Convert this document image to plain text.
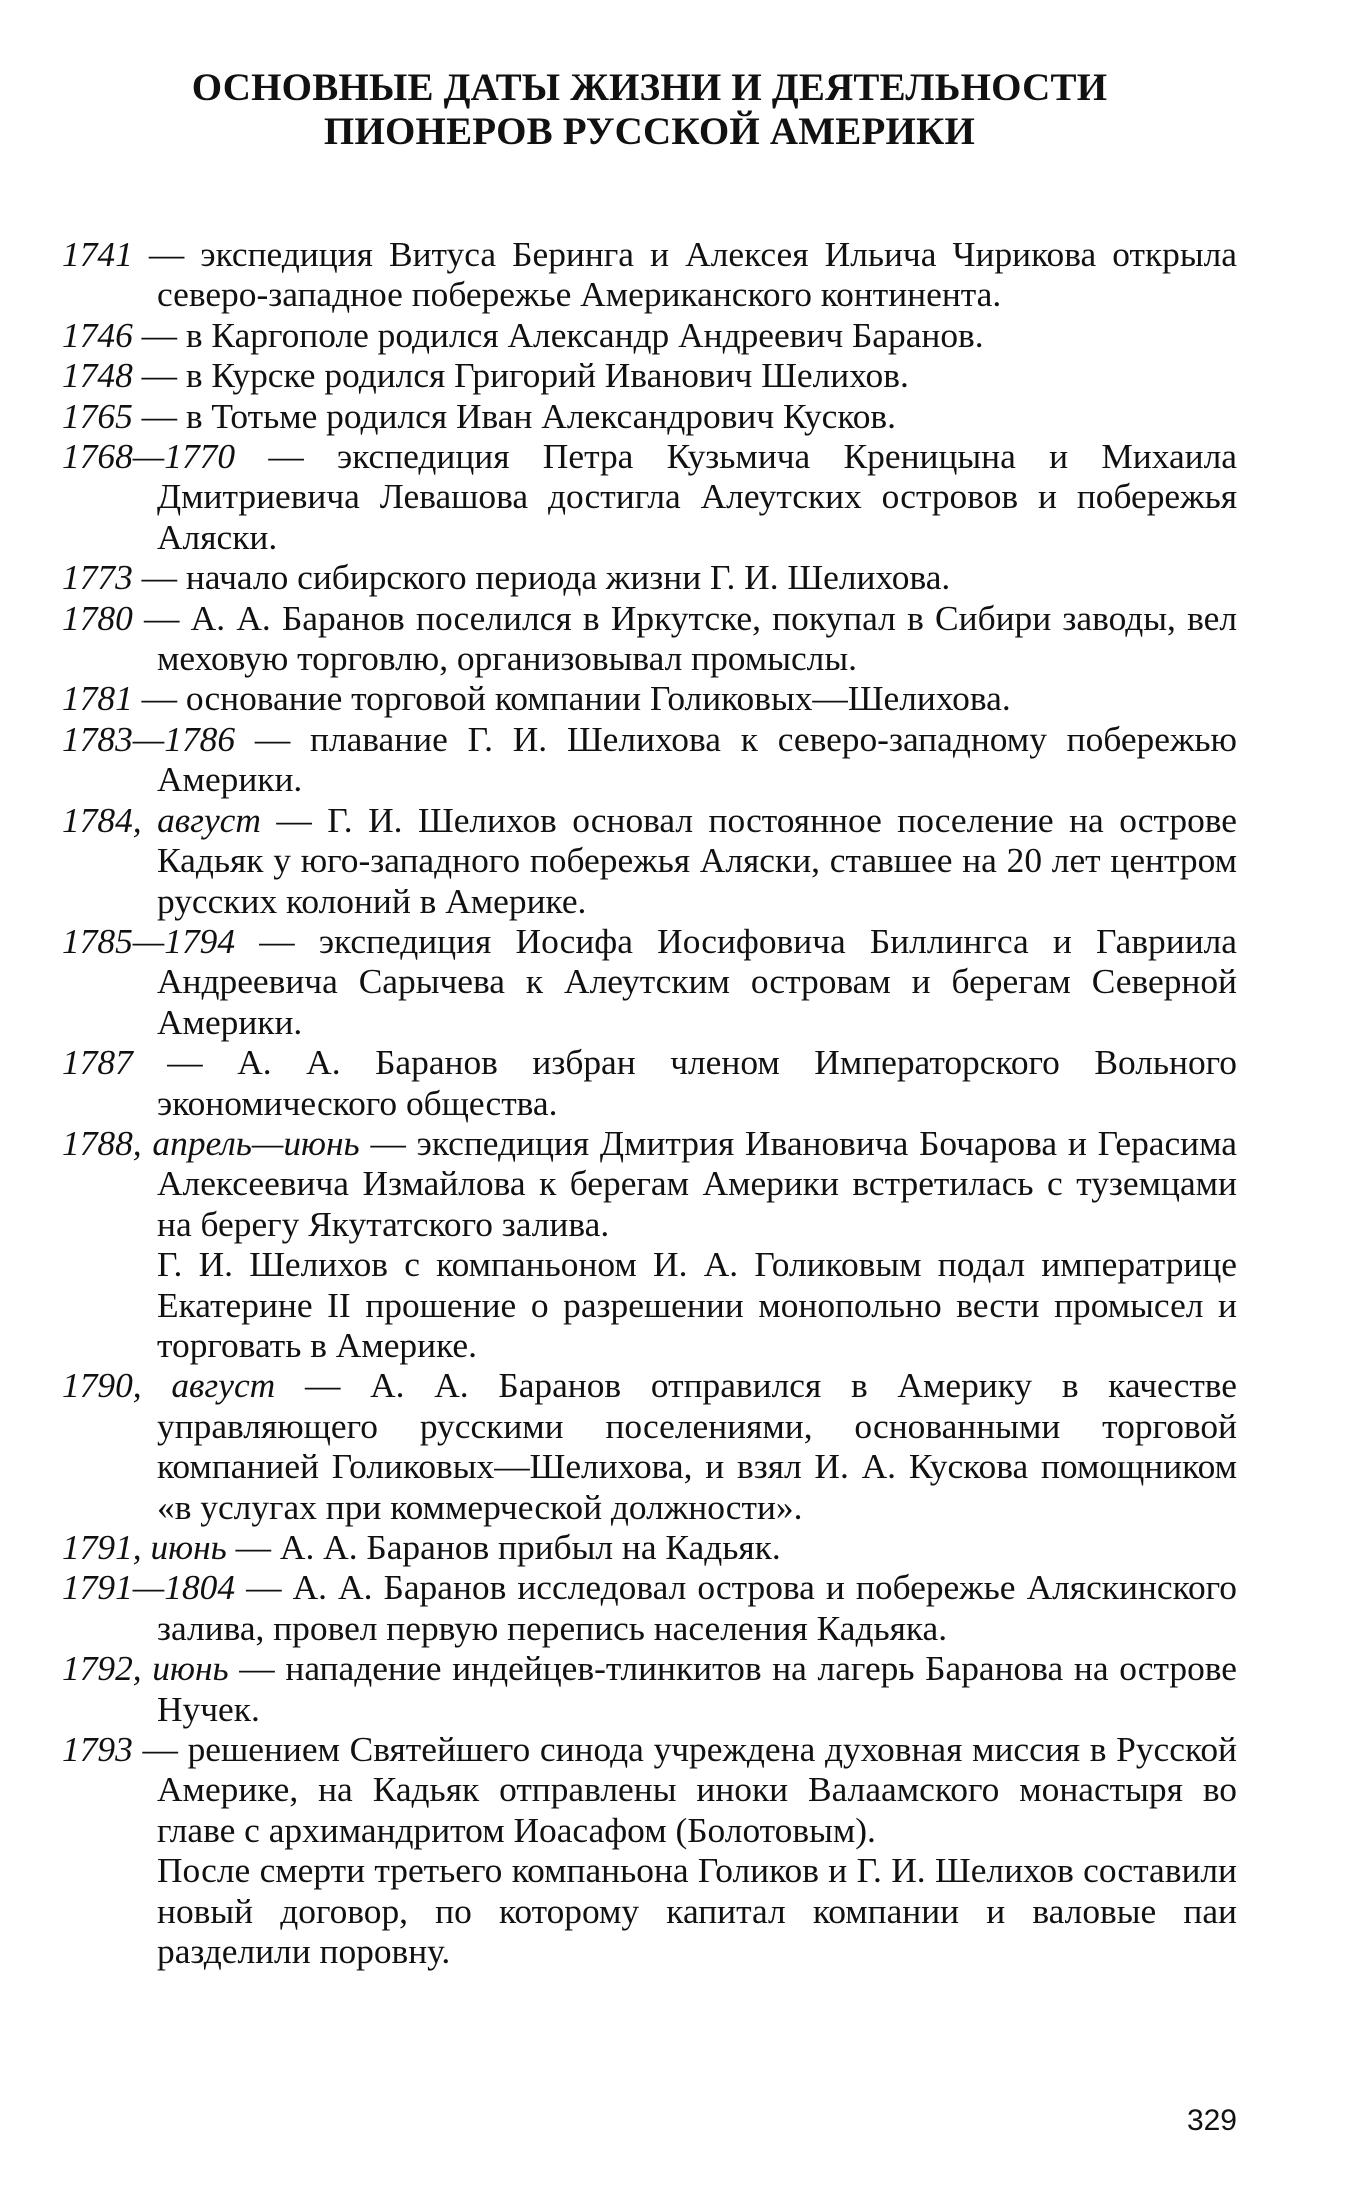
ОСНОВНЫЕ ДАТЫ ЖИЗНИ И ДЕЯТЕЛЬНОСТИ
ПИОНЕРОВ РУССКОЙ АМЕРИКИ

1741 — экспедиция Витуса Беринга и Алексея Ильича Чирикова открыла северо-западное побережье Американского континента.

1746 — в Каргополе родился Александр Андреевич Баранов.

1748 — в Курске родился Григорий Иванович Шелихов.

1765 — в Тотьме родился Иван Александрович Кусков.

1768—1770 — экспедиция Петра Кузьмича Креницына и Михаила Дмитриевича Левашова достигла Алеутских островов и побережья Аляски.

1773 — начало сибирского периода жизни Г. И. Шелихова.

1780 — А. А. Баранов поселился в Иркутске, покупал в Сибири заводы, вел меховую торговлю, организовывал промыслы.

1781 — основание торговой компании Голиковых—Шелихова.

1783—1786 — плавание Г. И. Шелихова к северо-западному побережью Америки.

1784, август — Г. И. Шелихов основал постоянное поселение на острове Кадьяк у юго-западного побережья Аляски, ставшее на 20 лет центром русских колоний в Америке.

1785—1794 — экспедиция Иосифа Иосифовича Биллингса и Гавриила Андреевича Сарычева к Алеутским островам и берегам Северной Америки.

1787 — А. А. Баранов избран членом Императорского Вольного экономического общества.

1788, апрель—июнь — экспедиция Дмитрия Ивановича Бочарова и Герасима Алексеевича Измайлова к берегам Америки встретилась с туземцами на берегу Якутатского залива.

Г. И. Шелихов с компаньоном И. А. Голиковым подал императрице Екатерине II прошение о разрешении монопольно вести промысел и торговать в Америке.

1790, август — А. А. Баранов отправился в Америку в качестве управляющего русскими поселениями, основанными торговой компанией Голиковых—Шелихова, и взял И. А. Кускова помощником «в услугах при коммерческой должности».

1791, июнь — А. А. Баранов прибыл на Кадьяк.

1791—1804 — А. А. Баранов исследовал острова и побережье Аляскинского залива, провел первую перепись населения Кадьяка.

1792, июнь — нападение индейцев-тлинкитов на лагерь Баранова на острове Нучек.

1793 — решением Святейшего синода учреждена духовная миссия в Русской Америке, на Кадьяк отправлены иноки Валаамского монастыря во главе с архимандритом Иоасафом (Болотовым).

После смерти третьего компаньона Голиков и Г. И. Шелихов составили новый договор, по которому капитал компании и валовые паи разделили поровну.

329
